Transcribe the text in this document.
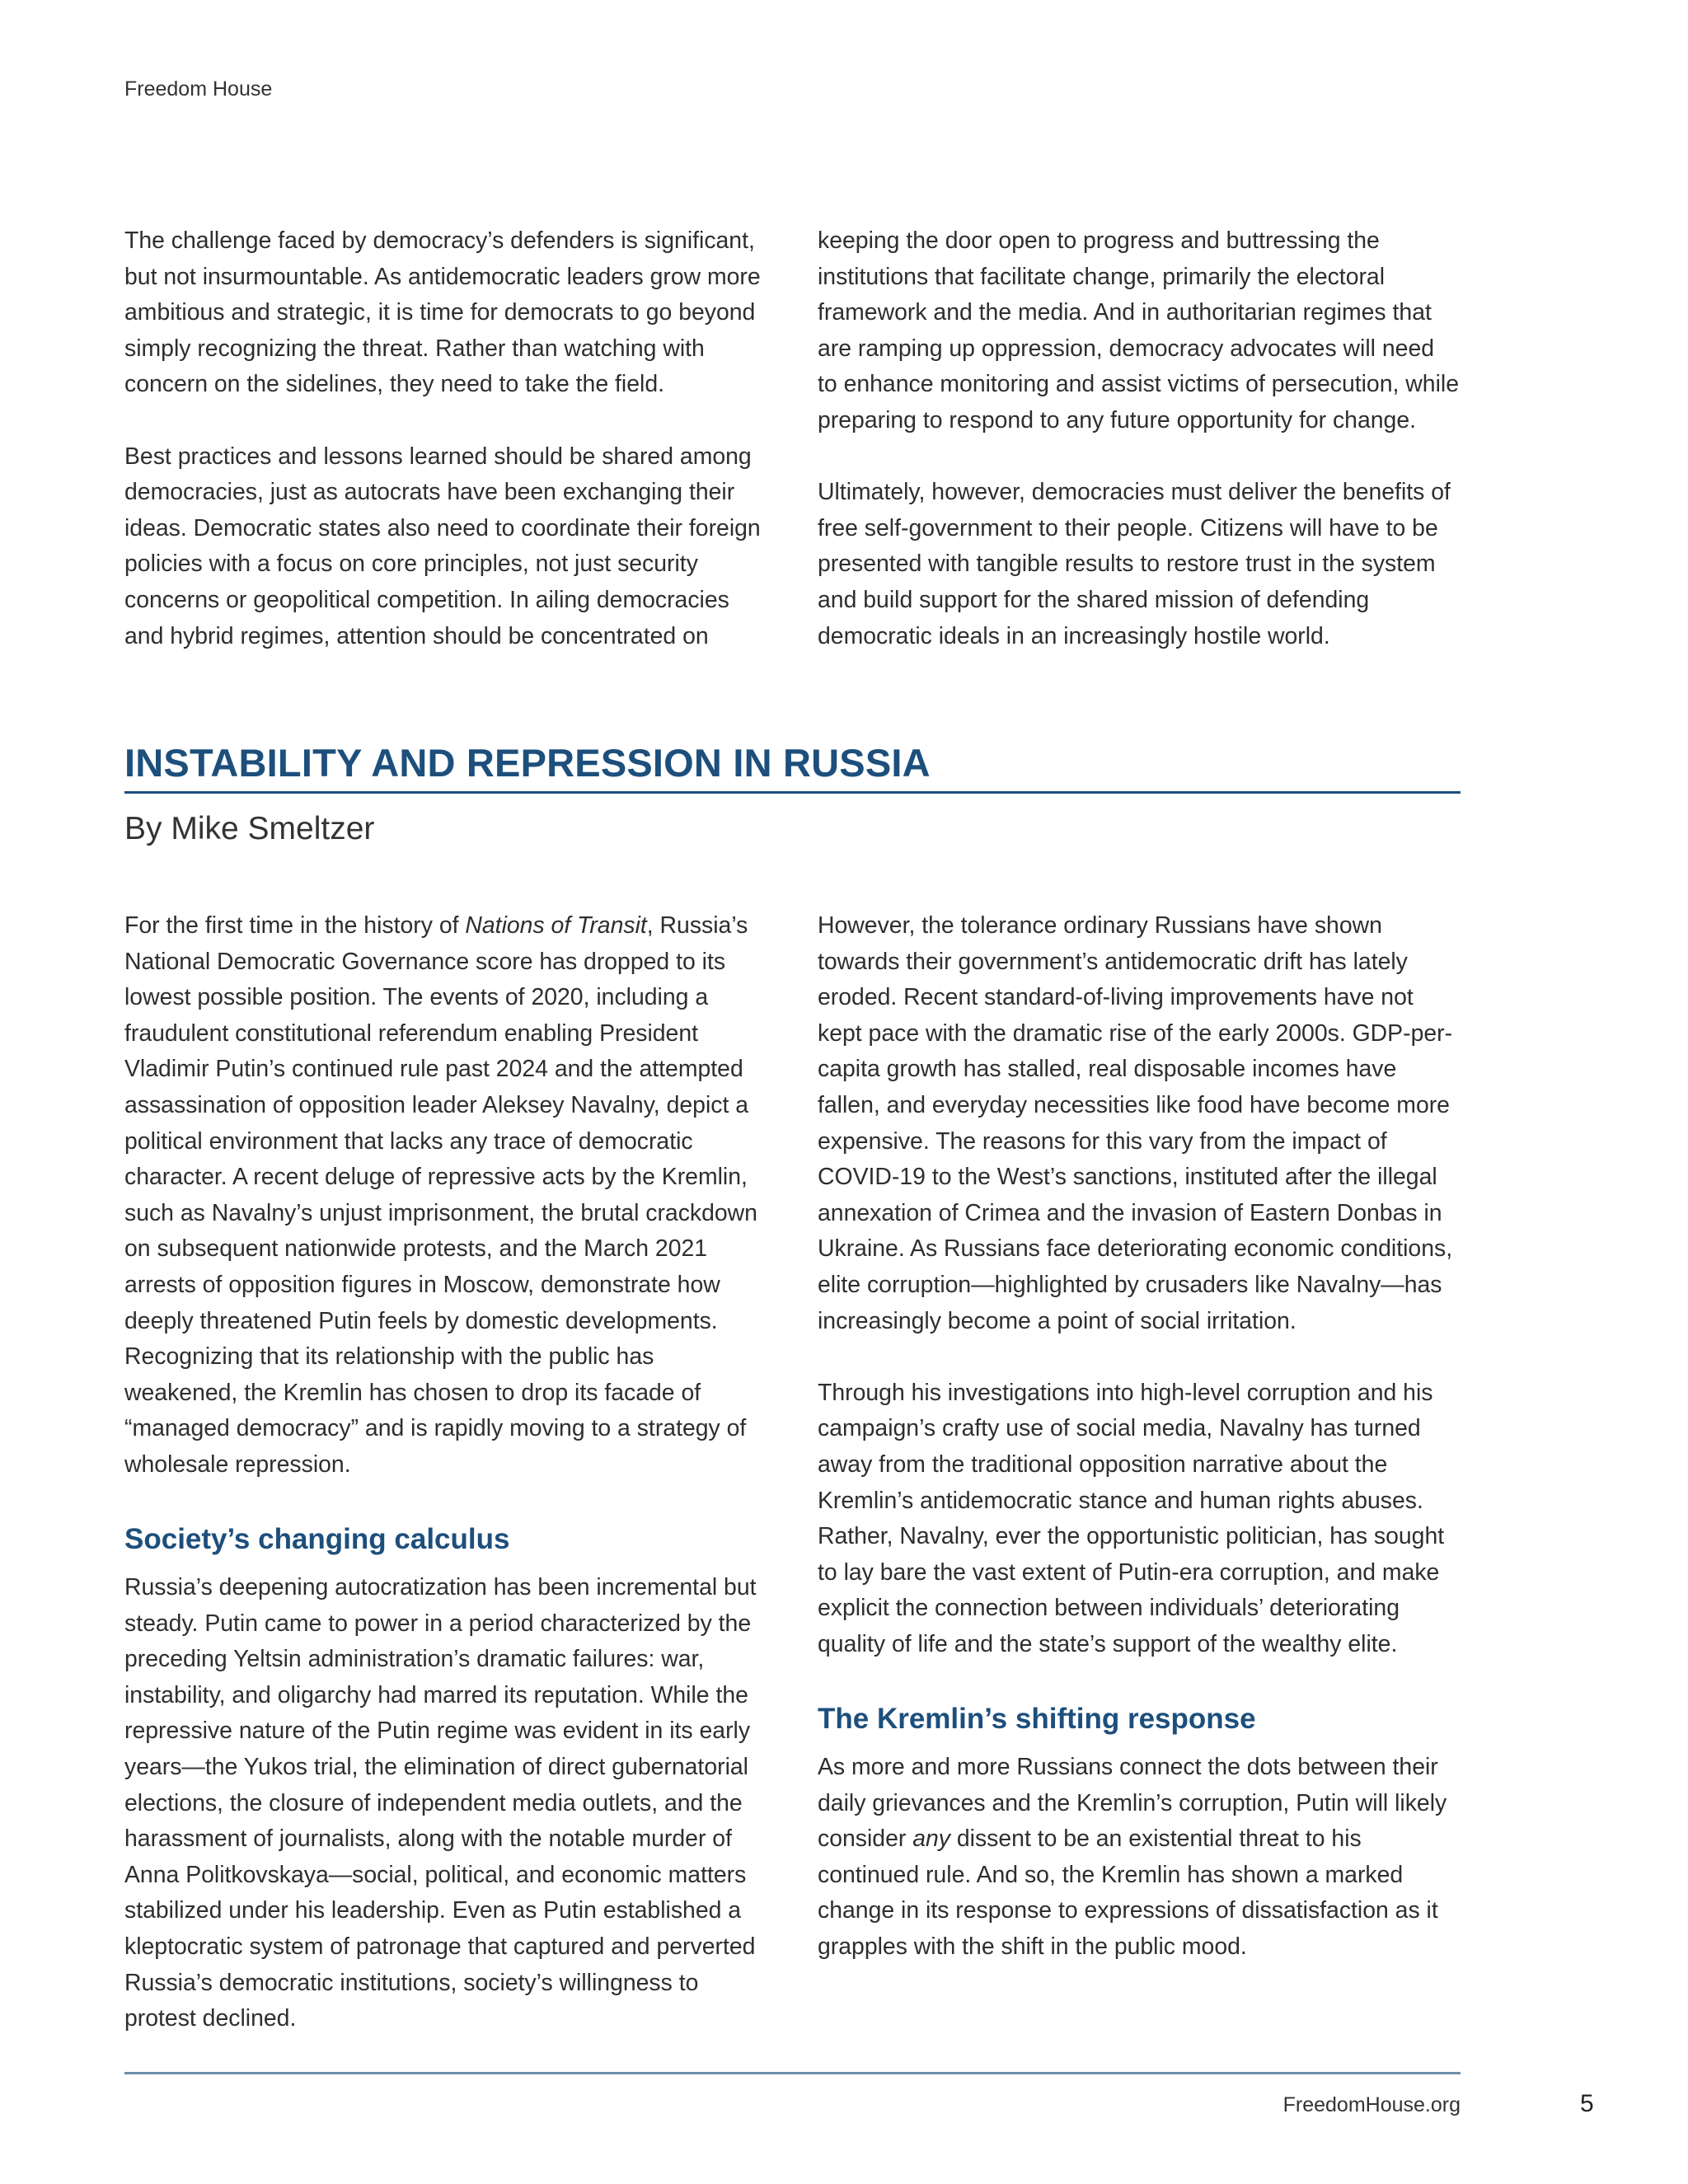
Freedom House

The challenge faced by democracy’s defenders is significant, but not insurmountable. As antidemocratic leaders grow more ambitious and strategic, it is time for democrats to go beyond simply recognizing the threat. Rather than watching with concern on the sidelines, they need to take the field.

Best practices and lessons learned should be shared among democracies, just as autocrats have been exchanging their ideas. Democratic states also need to coordinate their foreign policies with a focus on core principles, not just security concerns or geopolitical competition. In ailing democracies and hybrid regimes, attention should be concentrated on

keeping the door open to progress and buttressing the institutions that facilitate change, primarily the electoral framework and the media. And in authoritarian regimes that are ramping up oppression, democracy advocates will need to enhance monitoring and assist victims of persecution, while preparing to respond to any future opportunity for change.

Ultimately, however, democracies must deliver the benefits of free self-government to their people. Citizens will have to be presented with tangible results to restore trust in the system and build support for the shared mission of defending democratic ideals in an increasingly hostile world.

INSTABILITY AND REPRESSION IN RUSSIA
By Mike Smeltzer

For the first time in the history of Nations of Transit, Russia’s National Democratic Governance score has dropped to its lowest possible position. The events of 2020, including a fraudulent constitutional referendum enabling President Vladimir Putin’s continued rule past 2024 and the attempted assassination of opposition leader Aleksey Navalny, depict a political environment that lacks any trace of democratic character. A recent deluge of repressive acts by the Kremlin, such as Navalny’s unjust imprisonment, the brutal crackdown on subsequent nationwide protests, and the March 2021 arrests of opposition figures in Moscow, demonstrate how deeply threatened Putin feels by domestic developments. Recognizing that its relationship with the public has weakened, the Kremlin has chosen to drop its facade of “managed democracy” and is rapidly moving to a strategy of wholesale repression.

Society’s changing calculus

Russia’s deepening autocratization has been incremental but steady. Putin came to power in a period characterized by the preceding Yeltsin administration’s dramatic failures: war, instability, and oligarchy had marred its reputation. While the repressive nature of the Putin regime was evident in its early years—the Yukos trial, the elimination of direct gubernatorial elections, the closure of independent media outlets, and the harassment of journalists, along with the notable murder of Anna Politkovskaya—social, political, and economic matters stabilized under his leadership. Even as Putin established a kleptocratic system of patronage that captured and perverted Russia’s democratic institutions, society’s willingness to protest declined.

However, the tolerance ordinary Russians have shown towards their government’s antidemocratic drift has lately eroded. Recent standard-of-living improvements have not kept pace with the dramatic rise of the early 2000s. GDP-per-capita growth has stalled, real disposable incomes have fallen, and everyday necessities like food have become more expensive. The reasons for this vary from the impact of COVID-19 to the West’s sanctions, instituted after the illegal annexation of Crimea and the invasion of Eastern Donbas in Ukraine. As Russians face deteriorating economic conditions, elite corruption—highlighted by crusaders like Navalny—has increasingly become a point of social irritation.

Through his investigations into high-level corruption and his campaign’s crafty use of social media, Navalny has turned away from the traditional opposition narrative about the Kremlin’s antidemocratic stance and human rights abuses. Rather, Navalny, ever the opportunistic politician, has sought to lay bare the vast extent of Putin-era corruption, and make explicit the connection between individuals’ deteriorating quality of life and the state’s support of the wealthy elite.

The Kremlin’s shifting response

As more and more Russians connect the dots between their daily grievances and the Kremlin’s corruption, Putin will likely consider any dissent to be an existential threat to his continued rule. And so, the Kremlin has shown a marked change in its response to expressions of dissatisfaction as it grapples with the shift in the public mood.

FreedomHouse.org	5
